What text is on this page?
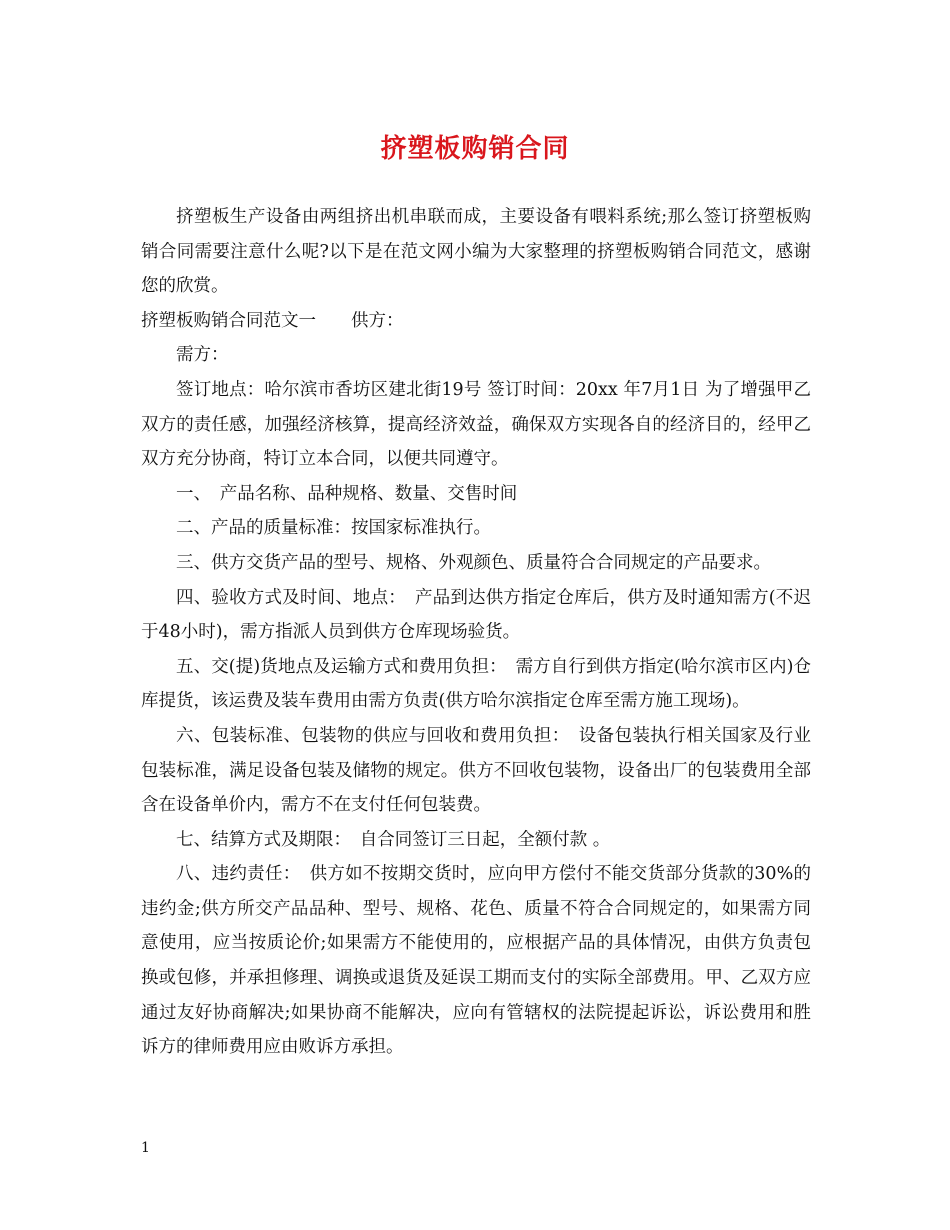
挤塑板购销合同

挤塑板生产设备由两组挤出机串联而成，主要设备有喂料系统;那么签订挤塑板购销合同需要注意什么呢?以下是在范文网小编为大家整理的挤塑板购销合同范文，感谢您的欣赏。

挤塑板购销合同范文一　　供方：

需方：

签订地点：哈尔滨市香坊区建北街19号 签订时间：20xx 年7月1日 为了增强甲乙双方的责任感，加强经济核算，提高经济效益，确保双方实现各自的经济目的，经甲乙双方充分协商，特订立本合同，以便共同遵守。

一、　产品名称、品种规格、数量、交售时间

二、产品的质量标准：按国家标准执行。

三、供方交货产品的型号、规格、外观颜色、质量符合合同规定的产品要求。

四、验收方式及时间、地点：　产品到达供方指定仓库后，供方及时通知需方(不迟于48小时)，需方指派人员到供方仓库现场验货。

五、交(提)货地点及运输方式和费用负担：　需方自行到供方指定(哈尔滨市区内)仓库提货，该运费及装车费用由需方负责(供方哈尔滨指定仓库至需方施工现场)。

六、包装标准、包装物的供应与回收和费用负担：　设备包装执行相关国家及行业包装标准，满足设备包装及储物的规定。供方不回收包装物，设备出厂的包装费用全部含在设备单价内，需方不在支付任何包装费。

七、结算方式及期限：　自合同签订三日起，全额付款 。

八、违约责任：　供方如不按期交货时，应向甲方偿付不能交货部分货款的30%的违约金;供方所交产品品种、型号、规格、花色、质量不符合合同规定的，如果需方同意使用，应当按质论价;如果需方不能使用的，应根据产品的具体情况，由供方负责包换或包修，并承担修理、调换或退货及延误工期而支付的实际全部费用。甲、乙双方应通过友好协商解决;如果协商不能解决，应向有管辖权的法院提起诉讼，诉讼费用和胜诉方的律师费用应由败诉方承担。

1
